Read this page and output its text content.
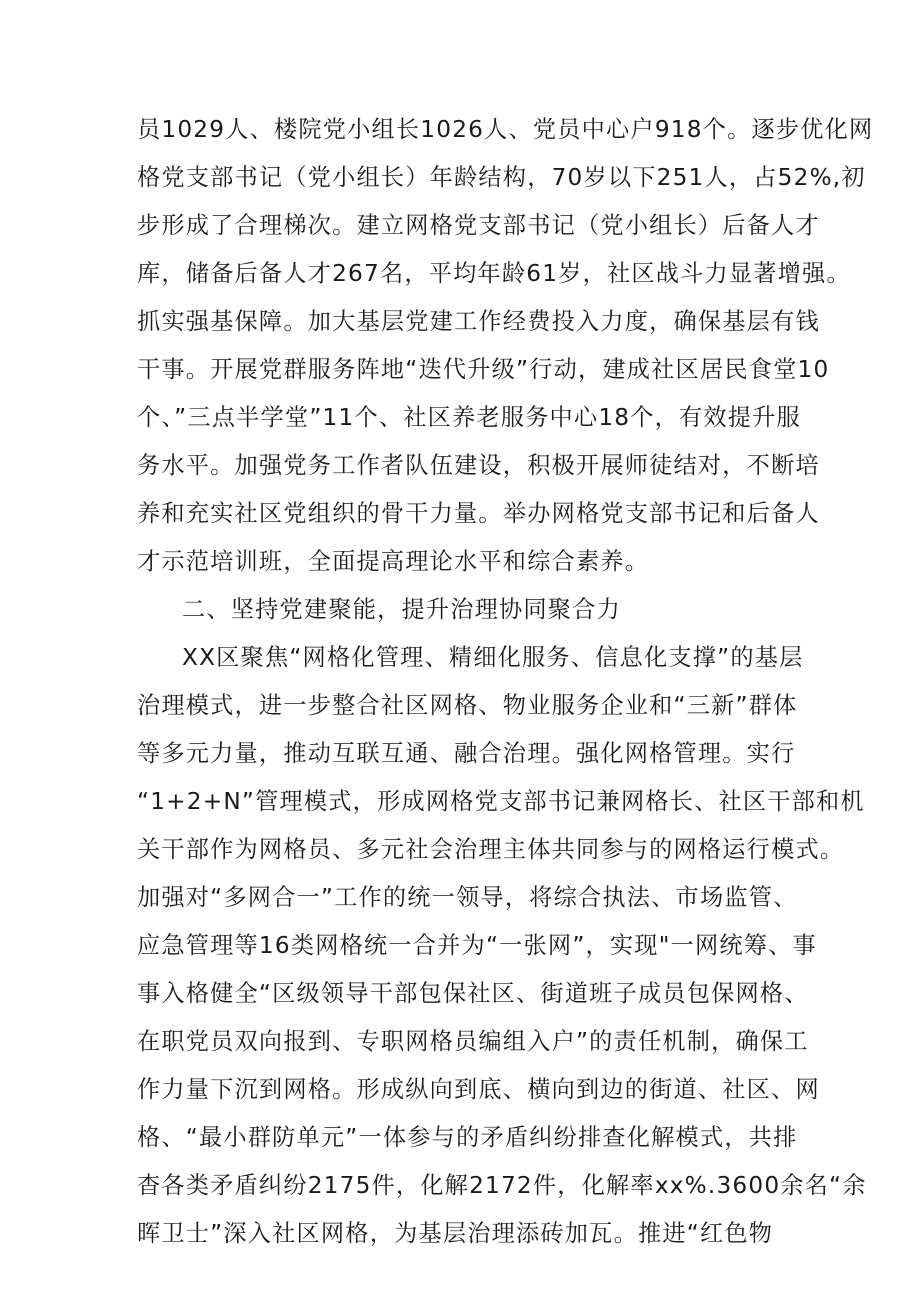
员1029人、楼院党小组长1026人、党员中心户918个。逐步优化网
格党支部书记（党小组长）年龄结构，70岁以下251人，占52%,初
步形成了合理梯次。建立网格党支部书记（党小组长）后备人才
库，储备后备人才267名，平均年龄61岁，社区战斗力显著增强。
抓实强基保障。加大基层党建工作经费投入力度，确保基层有钱
干事。开展党群服务阵地“迭代升级”行动，建成社区居民食堂10
个、”三点半学堂”11个、社区养老服务中心18个，有效提升服
务水平。加强党务工作者队伍建设，积极开展师徒结对，不断培
养和充实社区党组织的骨干力量。举办网格党支部书记和后备人
才示范培训班，全面提高理论水平和综合素养。
二、坚持党建聚能，提升治理协同聚合力
XX区聚焦“网格化管理、精细化服务、信息化支撑”的基层
治理模式，进一步整合社区网格、物业服务企业和“三新”群体
等多元力量，推动互联互通、融合治理。强化网格管理。实行
“1+2+N”管理模式，形成网格党支部书记兼网格长、社区干部和机
关干部作为网格员、多元社会治理主体共同参与的网格运行模式。
加强对“多网合一”工作的统一领导，将综合执法、市场监管、
应急管理等16类网格统一合并为“一张网”，实现"一网统筹、事
事入格健全“区级领导干部包保社区、街道班子成员包保网格、
在职党员双向报到、专职网格员编组入户”的责任机制，确保工
作力量下沉到网格。形成纵向到底、横向到边的街道、社区、网
格、“最小群防单元”一体参与的矛盾纠纷排查化解模式，共排
杳各类矛盾纠纷2175件，化解2172件，化解率xx%.3600余名“余
晖卫士”深入社区网格，为基层治理添砖加瓦。推进“红色物
